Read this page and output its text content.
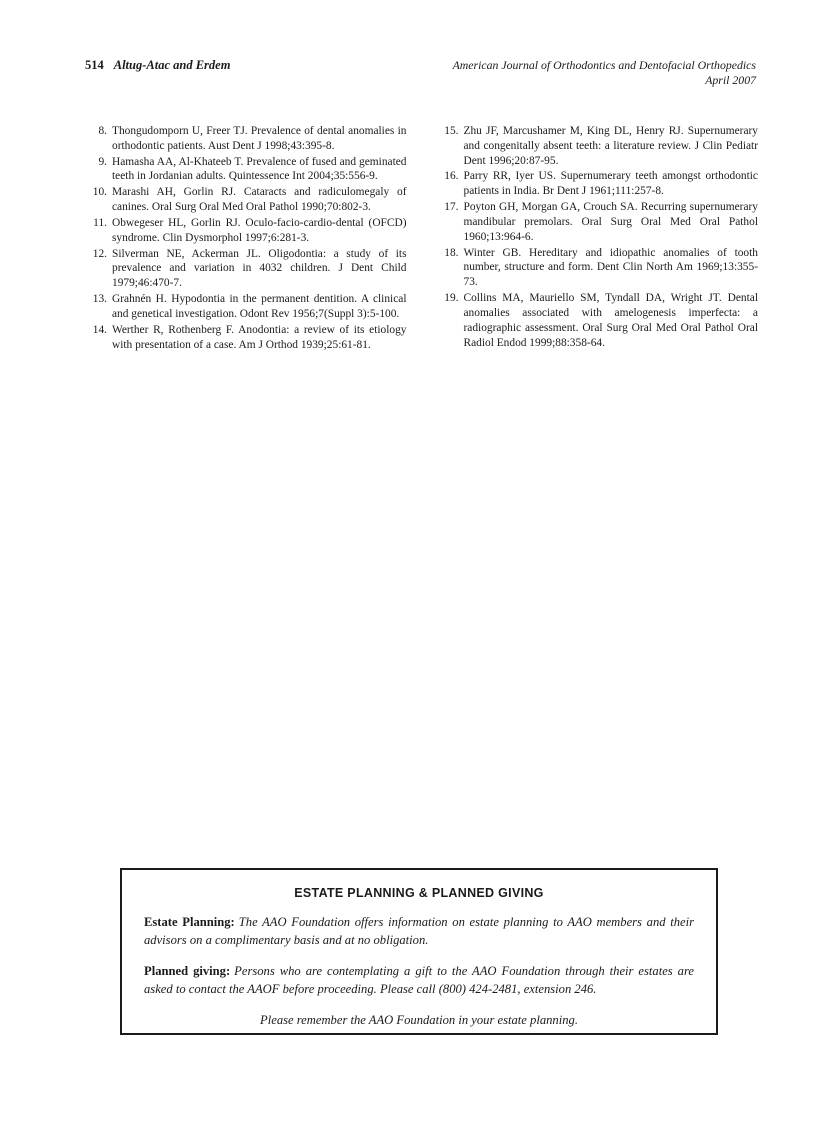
514 Altug-Atac and Erdem	American Journal of Orthodontics and Dentofacial Orthopedics
April 2007
8. Thongudomporn U, Freer TJ. Prevalence of dental anomalies in orthodontic patients. Aust Dent J 1998;43:395-8.
9. Hamasha AA, Al-Khateeb T. Prevalence of fused and geminated teeth in Jordanian adults. Quintessence Int 2004;35:556-9.
10. Marashi AH, Gorlin RJ. Cataracts and radiculomegaly of canines. Oral Surg Oral Med Oral Pathol 1990;70:802-3.
11. Obwegeser HL, Gorlin RJ. Oculo-facio-cardio-dental (OFCD) syndrome. Clin Dysmorphol 1997;6:281-3.
12. Silverman NE, Ackerman JL. Oligodontia: a study of its prevalence and variation in 4032 children. J Dent Child 1979;46:470-7.
13. Grahnén H. Hypodontia in the permanent dentition. A clinical and genetical investigation. Odont Rev 1956;7(Suppl 3):5-100.
14. Werther R, Rothenberg F. Anodontia: a review of its etiology with presentation of a case. Am J Orthod 1939;25:61-81.
15. Zhu JF, Marcushamer M, King DL, Henry RJ. Supernumerary and congenitally absent teeth: a literature review. J Clin Pediatr Dent 1996;20:87-95.
16. Parry RR, Iyer US. Supernumerary teeth amongst orthodontic patients in India. Br Dent J 1961;111:257-8.
17. Poyton GH, Morgan GA, Crouch SA. Recurring supernumerary mandibular premolars. Oral Surg Oral Med Oral Pathol 1960;13:964-6.
18. Winter GB. Hereditary and idiopathic anomalies of tooth number, structure and form. Dent Clin North Am 1969;13:355-73.
19. Collins MA, Mauriello SM, Tyndall DA, Wright JT. Dental anomalies associated with amelogenesis imperfecta: a radiographic assessment. Oral Surg Oral Med Oral Pathol Oral Radiol Endod 1999;88:358-64.
ESTATE PLANNING & PLANNED GIVING

Estate Planning: The AAO Foundation offers information on estate planning to AAO members and their advisors on a complimentary basis and at no obligation.

Planned giving: Persons who are contemplating a gift to the AAO Foundation through their estates are asked to contact the AAOF before proceeding. Please call (800) 424-2481, extension 246.

Please remember the AAO Foundation in your estate planning.
